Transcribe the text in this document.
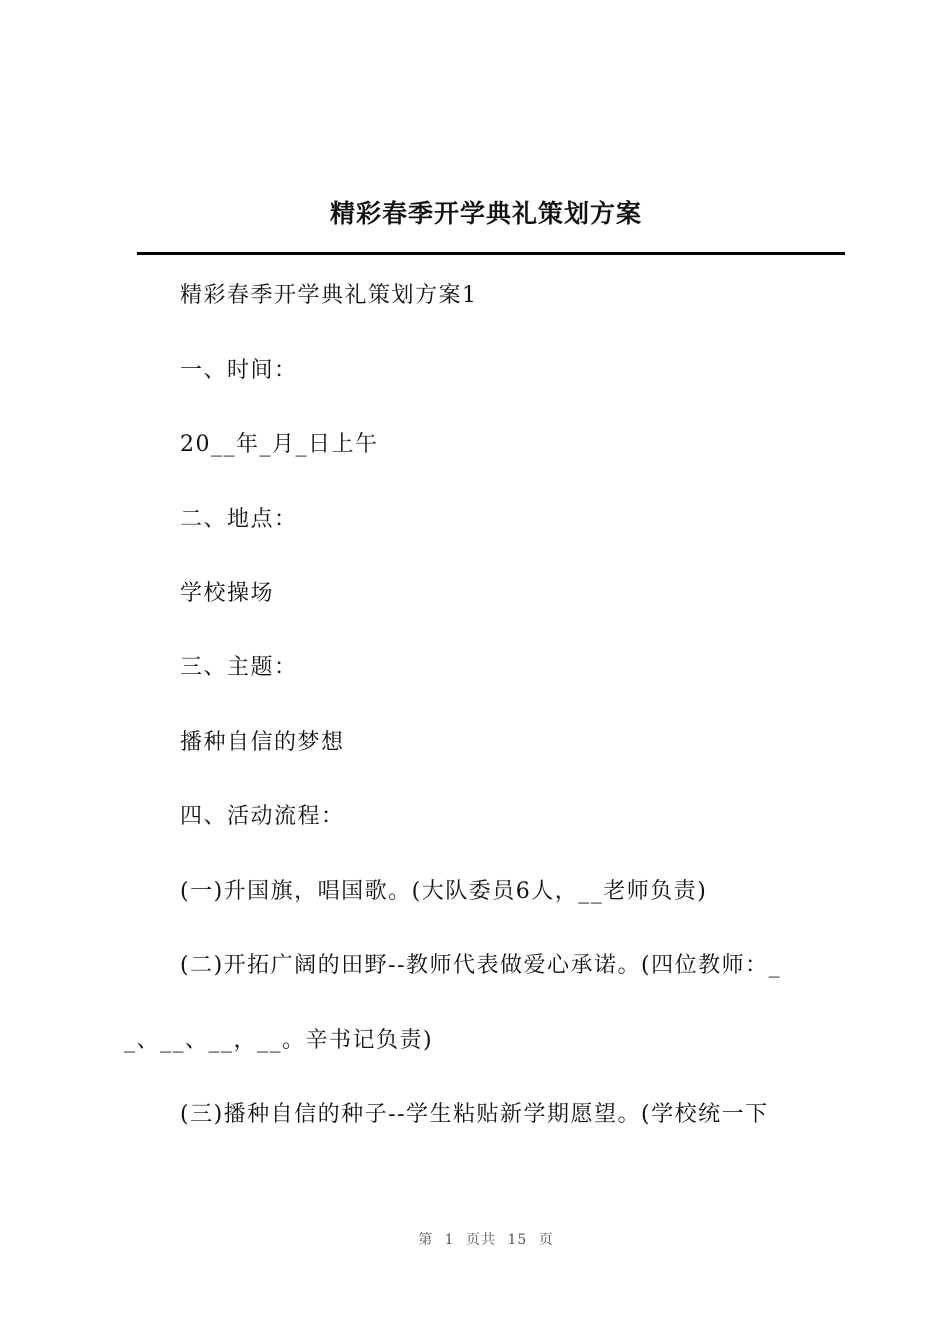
精彩春季开学典礼策划方案
精彩春季开学典礼策划方案1
一、时间：
20__年_月_日上午
二、地点：
学校操场
三、主题：
播种自信的梦想
四、活动流程：
(一)升国旗，唱国歌。(大队委员6人，__老师负责)
(二)开拓广阔的田野--教师代表做爱心承诺。(四位教师：_
_、__、__，__。辛书记负责)
(三)播种自信的种子--学生粘贴新学期愿望。(学校统一下
第 1 页共 15 页
